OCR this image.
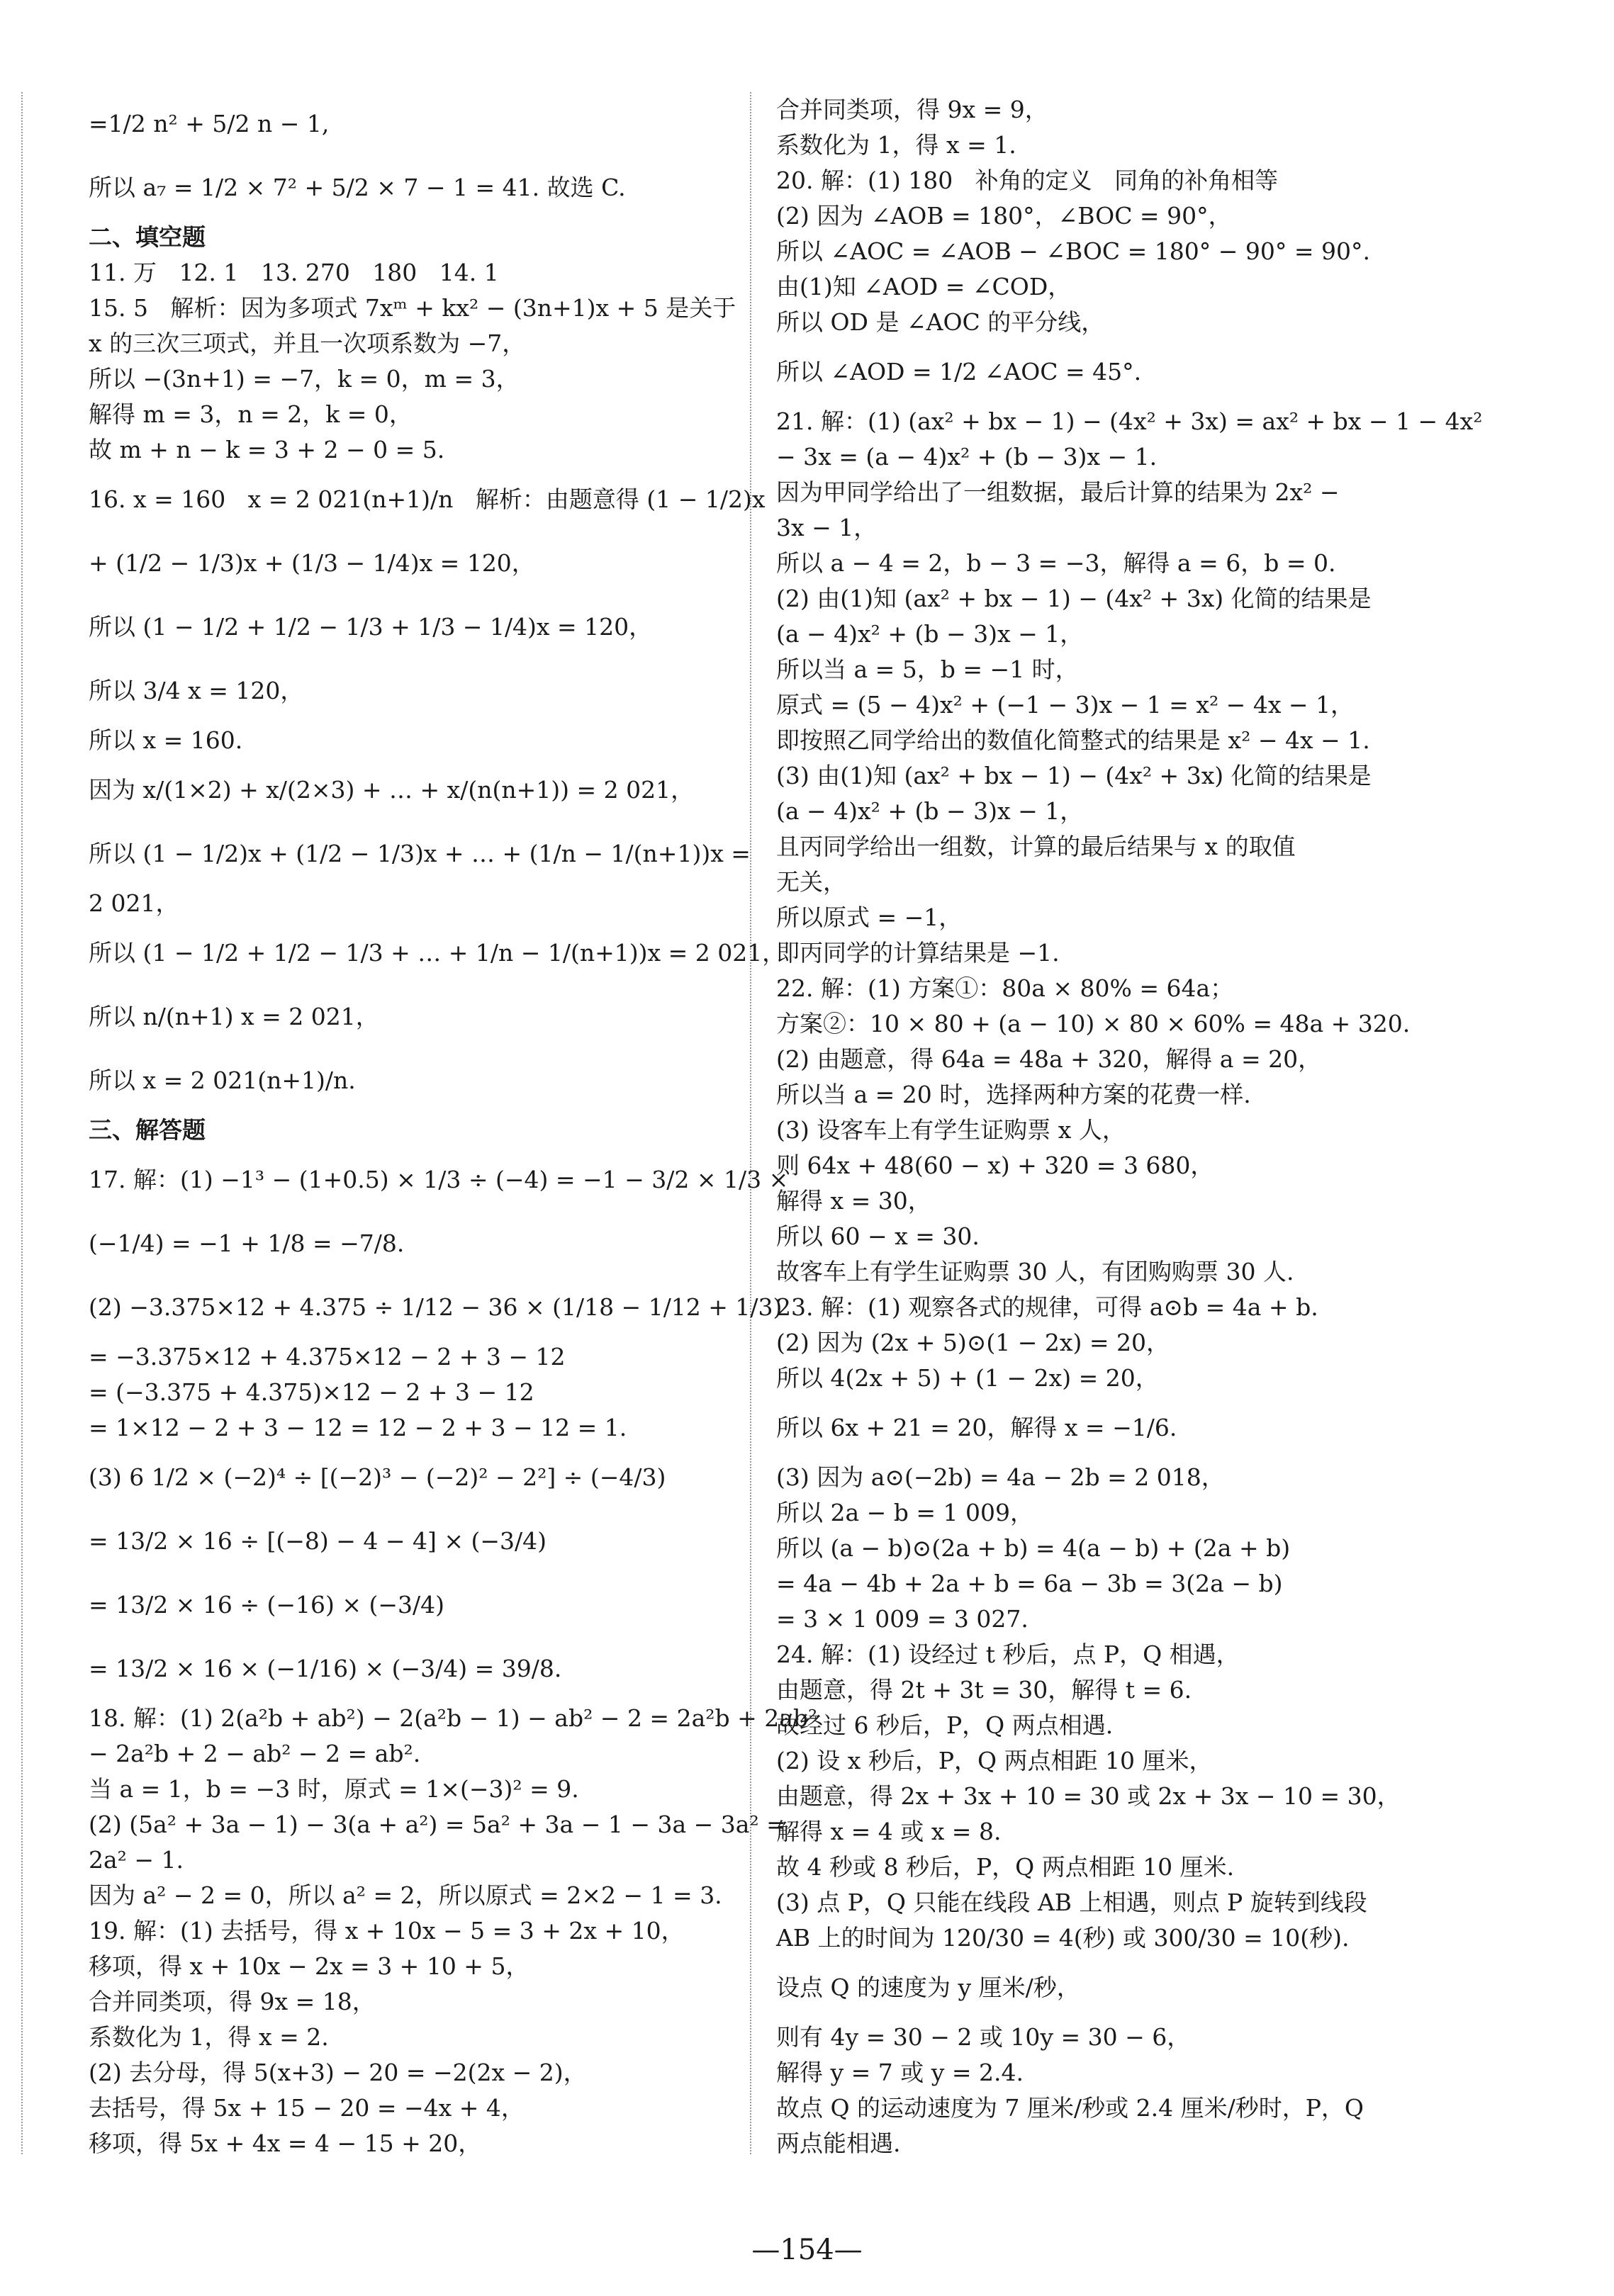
=1/2 n² + 5/2 n − 1,
所以 a₇ = 1/2 × 7² + 5/2 × 7 − 1 = 41. 故选 C.
二、填空题
11. 万   12. 1   13. 270   180   14. 1
15. 5   解析：因为多项式 7xᵐ + kx² − (3n+1)x + 5 是关于
x 的三次三项式，并且一次项系数为 −7，
所以 −(3n+1) = −7，k = 0，m = 3，
解得 m = 3，n = 2，k = 0，
故 m + n − k = 3 + 2 − 0 = 5.
16. x = 160   x = 2 021(n+1)/n   解析：由题意得 (1 − 1/2)x
+ (1/2 − 1/3)x + (1/3 − 1/4)x = 120，
所以 (1 − 1/2 + 1/2 − 1/3 + 1/3 − 1/4)x = 120，
所以 3/4 x = 120，
所以 x = 160.
因为 x/(1×2) + x/(2×3) + … + x/(n(n+1)) = 2 021，
所以 (1 − 1/2)x + (1/2 − 1/3)x + … + (1/n − 1/(n+1))x =
2 021，
所以 (1 − 1/2 + 1/2 − 1/3 + … + 1/n − 1/(n+1))x = 2 021，
所以 n/(n+1) x = 2 021，
所以 x = 2 021(n+1)/n.
三、解答题
17. 解：(1) −1³ − (1+0.5) × 1/3 ÷ (−4) = −1 − 3/2 × 1/3 ×
(−1/4) = −1 + 1/8 = −7/8.
(2) −3.375×12 + 4.375 ÷ 1/12 − 36 × (1/18 − 1/12 + 1/3)
= −3.375×12 + 4.375×12 − 2 + 3 − 12
= (−3.375 + 4.375)×12 − 2 + 3 − 12
= 1×12 − 2 + 3 − 12 = 12 − 2 + 3 − 12 = 1.
(3) 6 1/2 × (−2)⁴ ÷ [(−2)³ − (−2)² − 2²] ÷ (−4/3)
= 13/2 × 16 ÷ [(−8) − 4 − 4] × (−3/4)
= 13/2 × 16 ÷ (−16) × (−3/4)
= 13/2 × 16 × (−1/16) × (−3/4) = 39/8.
18. 解：(1) 2(a²b + ab²) − 2(a²b − 1) − ab² − 2 = 2a²b + 2ab²
− 2a²b + 2 − ab² − 2 = ab².
当 a = 1，b = −3 时，原式 = 1×(−3)² = 9.
(2) (5a² + 3a − 1) − 3(a + a²) = 5a² + 3a − 1 − 3a − 3a² =
2a² − 1.
因为 a² − 2 = 0，所以 a² = 2，所以原式 = 2×2 − 1 = 3.
19. 解：(1) 去括号，得 x + 10x − 5 = 3 + 2x + 10，
移项，得 x + 10x − 2x = 3 + 10 + 5，
合并同类项，得 9x = 18，
系数化为 1，得 x = 2.
(2) 去分母，得 5(x+3) − 20 = −2(2x − 2)，
去括号，得 5x + 15 − 20 = −4x + 4，
移项，得 5x + 4x = 4 − 15 + 20，
合并同类项，得 9x = 9，
系数化为 1，得 x = 1.
20. 解：(1) 180   补角的定义   同角的补角相等
(2) 因为 ∠AOB = 180°，∠BOC = 90°，
所以 ∠AOC = ∠AOB − ∠BOC = 180° − 90° = 90°.
由(1)知 ∠AOD = ∠COD，
所以 OD 是 ∠AOC 的平分线，
所以 ∠AOD = 1/2 ∠AOC = 45°.
21. 解：(1) (ax² + bx − 1) − (4x² + 3x) = ax² + bx − 1 − 4x²
− 3x = (a − 4)x² + (b − 3)x − 1.
因为甲同学给出了一组数据，最后计算的结果为 2x² −
3x − 1，
所以 a − 4 = 2，b − 3 = −3，解得 a = 6，b = 0.
(2) 由(1)知 (ax² + bx − 1) − (4x² + 3x) 化简的结果是
(a − 4)x² + (b − 3)x − 1，
所以当 a = 5，b = −1 时，
原式 = (5 − 4)x² + (−1 − 3)x − 1 = x² − 4x − 1，
即按照乙同学给出的数值化简整式的结果是 x² − 4x − 1.
(3) 由(1)知 (ax² + bx − 1) − (4x² + 3x) 化简的结果是
(a − 4)x² + (b − 3)x − 1，
且丙同学给出一组数，计算的最后结果与 x 的取值
无关，
所以原式 = −1，
即丙同学的计算结果是 −1.
22. 解：(1) 方案①：80a × 80% = 64a；
方案②：10 × 80 + (a − 10) × 80 × 60% = 48a + 320.
(2) 由题意，得 64a = 48a + 320，解得 a = 20，
所以当 a = 20 时，选择两种方案的花费一样.
(3) 设客车上有学生证购票 x 人，
则 64x + 48(60 − x) + 320 = 3 680，
解得 x = 30，
所以 60 − x = 30.
故客车上有学生证购票 30 人，有团购购票 30 人.
23. 解：(1) 观察各式的规律，可得 a⊙b = 4a + b.
(2) 因为 (2x + 5)⊙(1 − 2x) = 20，
所以 4(2x + 5) + (1 − 2x) = 20，
所以 6x + 21 = 20，解得 x = −1/6.
(3) 因为 a⊙(−2b) = 4a − 2b = 2 018，
所以 2a − b = 1 009，
所以 (a − b)⊙(2a + b) = 4(a − b) + (2a + b)
= 4a − 4b + 2a + b = 6a − 3b = 3(2a − b)
= 3 × 1 009 = 3 027.
24. 解：(1) 设经过 t 秒后，点 P，Q 相遇，
由题意，得 2t + 3t = 30，解得 t = 6.
故经过 6 秒后，P，Q 两点相遇.
(2) 设 x 秒后，P，Q 两点相距 10 厘米，
由题意，得 2x + 3x + 10 = 30 或 2x + 3x − 10 = 30，
解得 x = 4 或 x = 8.
故 4 秒或 8 秒后，P，Q 两点相距 10 厘米.
(3) 点 P，Q 只能在线段 AB 上相遇，则点 P 旋转到线段
AB 上的时间为 120/30 = 4(秒) 或 300/30 = 10(秒).
设点 Q 的速度为 y 厘米/秒，
则有 4y = 30 − 2 或 10y = 30 − 6，
解得 y = 7 或 y = 2.4.
故点 Q 的运动速度为 7 厘米/秒或 2.4 厘米/秒时，P，Q
两点能相遇.
—154—
